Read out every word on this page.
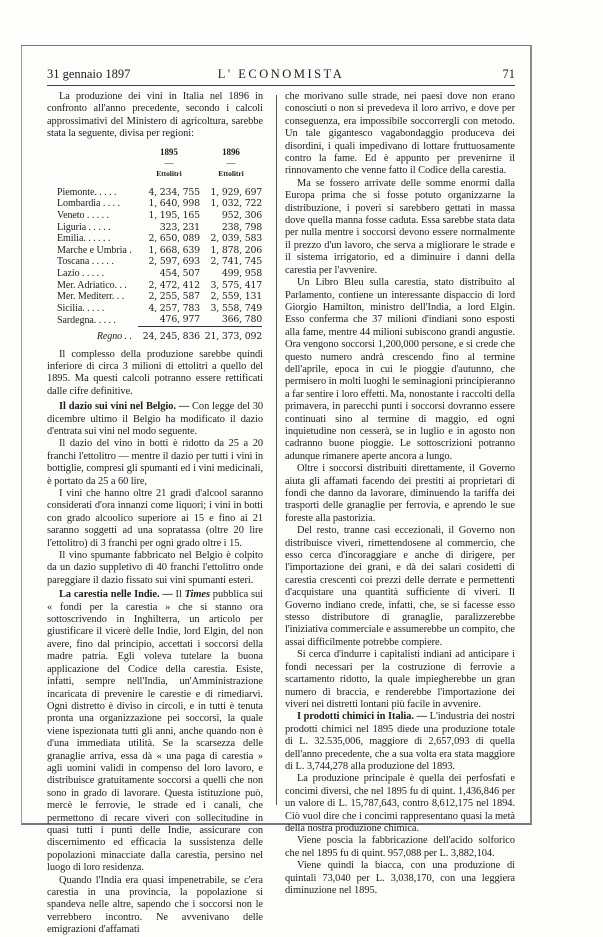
31 gennaio 1897	L' ECONOMISTA	71

La produzione dei vini in Italia nel 1896 in confronto all'anno precedente, secondo i calcoli approssimativi del Ministero di agricoltura, sarebbe stata la seguente, divisa per regioni:

	1895	1896
	—	—
	Ettolitri	Ettolitri
Piemonte. . . . .	4, 234, 755	1, 929, 697
Lombardia . . . .	1, 640, 998	1, 032, 722
Veneto . . . . .	1, 195, 165	952, 306
Liguria . . . . .	323, 231	238, 798
Emilia. . . . . .	2, 650, 089	2, 039, 583
Marche e Umbria .	1, 668, 639	1, 878, 206
Toscana . . . . .	2, 597, 693	2, 741, 745
Lazio . . . . .	454, 507	499, 958
Mer. Adriatico. . .	2, 472, 412	3, 575, 417
Mer. Mediterr. . .	2, 255, 587	2, 559, 131
Sicilia. . . . .	4, 257, 783	3, 558, 749
Sardegna. . . . .	476, 977	366, 780

Regno . .	24, 245, 836	21, 373, 092

Il complesso della produzione sarebbe quindi inferiore di circa 3 milioni di ettolitri a quello del 1895. Ma questi calcoli potranno essere rettificati dalle cifre definitive.

Il dazio sui vini nel Belgio. — Con legge del 30 dicembre ultimo il Belgio ha modificato il dazio d'entrata sui vini nel modo seguente.

Il dazio del vino in botti è ridotto da 25 a 20 franchi l'ettolitro — mentre il dazio per tutti i vini in bottiglie, compresi gli spumanti ed i vini medicinali, è portato da 25 a 60 lire,

I vini che hanno oltre 21 gradi d'alcool saranno considerati d'ora innanzi come liquori; i vini in botti con grado alcoolico superiore ai 15 e fino ai 21 saranno soggetti ad una sopratassa (oltre 20 lire l'ettolitro) di 3 franchi per ogni grado oltre i 15.

Il vino spumante fabbricato nel Belgio è colpito da un dazio suppletivo di 40 franchi l'ettolitro onde pareggiare il dazio fissato sui vini spumanti esteri.

La carestia nelle Indie. — Il Times pubblica sui « fondi per la carestia » che si stanno ora sottoscrivendo in Inghilterra, un articolo per giustificare il vicerè delle Indie, lord Elgin, del non avere, fino dal principio, accettati i soccorsi della madre patria. Egli voleva tutelare la buona applicazione del Codice della carestia. Esiste, infatti, sempre nell'India, un'Amministrazione incaricata di prevenire le carestie e di rimediarvi. Ogni distretto è diviso in circoli, e in tutti è tenuta pronta una organizzazione pei soccorsi, la quale viene ispezionata tutti gli anni, anche quando non è d'una immediata utilità. Se la scarsezza delle granaglie arriva, essa dà « una paga di carestia » agli uomini validi in compenso del loro lavoro, e distribuisce gratuitamente soccorsi a quelli che non sono in grado di lavorare. Questa istituzione può, mercè le ferrovie, le strade ed i canali, che permettono di recare viveri con sollecitudine in quasi tutti i punti delle Indie, assicurare con discernimento ed efficacia la sussistenza delle popolazioni minacciate dalla carestia, persino nel luogo di loro residenza.

Quando l'India era quasi impenetrabile, se c'era carestia in una provincia, la popolazione si spandeva nelle altre, sapendo che i soccorsi non le verrebbero incontro. Ne avvenivano delle emigrazioni d'affamati

che morivano sulle strade, nei paesi dove non erano conosciuti o non si prevedeva il loro arrivo, e dove per conseguenza, era impossibile soccorrergli con metodo. Un tale gigantesco vagabondaggio produceva dei disordini, i quali impedivano di lottare fruttuosamente contro la fame. Ed è appunto per prevenirne il rinnovamento che venne fatto il Codice della carestia.

Ma se fossero arrivate delle somme enormi dalla Europa prima che si fosse potuto organizzarne la distribuzione, i poveri si sarebbero gettati in massa dove quella manna fosse caduta. Essa sarebbe stata data per nulla mentre i soccorsi devono essere normalmente il prezzo d'un lavoro, che serva a migliorare le strade e il sistema irrigatorio, ed a diminuire i danni della carestia per l'avvenire.

Un Libro Bleu sulla carestia, stato distribuito al Parlamento, contiene un interessante dispaccio di lord Giorgio Hamilton, ministro dell'India, a lord Elgin. Esso conferma che 37 milioni d'indiani sono esposti alla fame, mentre 44 milioni subiscono grandi angustie. Ora vengono soccorsi 1,200,000 persone, e si crede che questo numero andrà crescendo fino al termine dell'aprile, epoca in cui le pioggie d'autunno, che permisero in molti luoghi le seminagioni principieranno a far sentire i loro effetti. Ma, nonostante i raccolti della primavera, in parecchi punti i soccorsi dovranno essere continuati sino al termine di maggio, ed ogni inquietudine non cesserà, se in luglio e in agosto non cadranno buone pioggie. Le sottoscrizioni potranno adunque rimanere aperte ancora a lungo.

Oltre i soccorsi distribuiti direttamente, il Governo aiuta gli affamati facendo dei prestiti ai proprietari di fondi che danno da lavorare, diminuendo la tariffa dei trasporti delle granaglie per ferrovia, e aprendo le sue foreste alla pastorizia.

Del resto, tranne casi eccezionali, il Governo non distribuisce viveri, rimettendosene al commercio, che esso cerca d'incoraggiare e anche di dirigere, per l'importazione dei grani, e dà dei salari cosidetti di carestia crescenti coi prezzi delle derrate e permettenti d'acquistare una quantità sufficiente di viveri. Il Governo indiano crede, infatti, che, se si facesse esso stesso distributore di granaglie, paralizzerebbe l'iniziativa commerciale e assumerebbe un compito, che assai difficilmente potrebbe compiere.

Si cerca d'indurre i capitalisti indiani ad anticipare i fondi necessari per la costruzione di ferrovie a scartamento ridotto, la quale impiegherebbe un gran numero di braccia, e renderebbe l'importazione dei viveri nei distretti lontani più facile in avvenire.

I prodotti chimici in Italia. — L'industria dei nostri prodotti chimici nel 1895 diede una produzione totale di L. 32.535,006, maggiore di 2,657,093 di quella dell'anno precedente, che a sua volta era stata maggiore di L. 3,744,278 alla produzione del 1893.

La produzione principale è quella dei perfosfati e concimi diversi, che nel 1895 fu di quint. 1,436,846 per un valore di L. 15,787,643, contro 8,612,175 nel 1894. Ciò vuol dire che i concimi rappresentano quasi la metà della nostra produzione chimica.

Viene poscia la fabbricazione dell'acido solforico che nel 1895 fu di quint. 957,088 per L. 3,882,104.

Viene quindi la biacca, con una produzione di quintali 73,040 per L. 3,038,170, con una leggiera diminuzione nel 1895.
